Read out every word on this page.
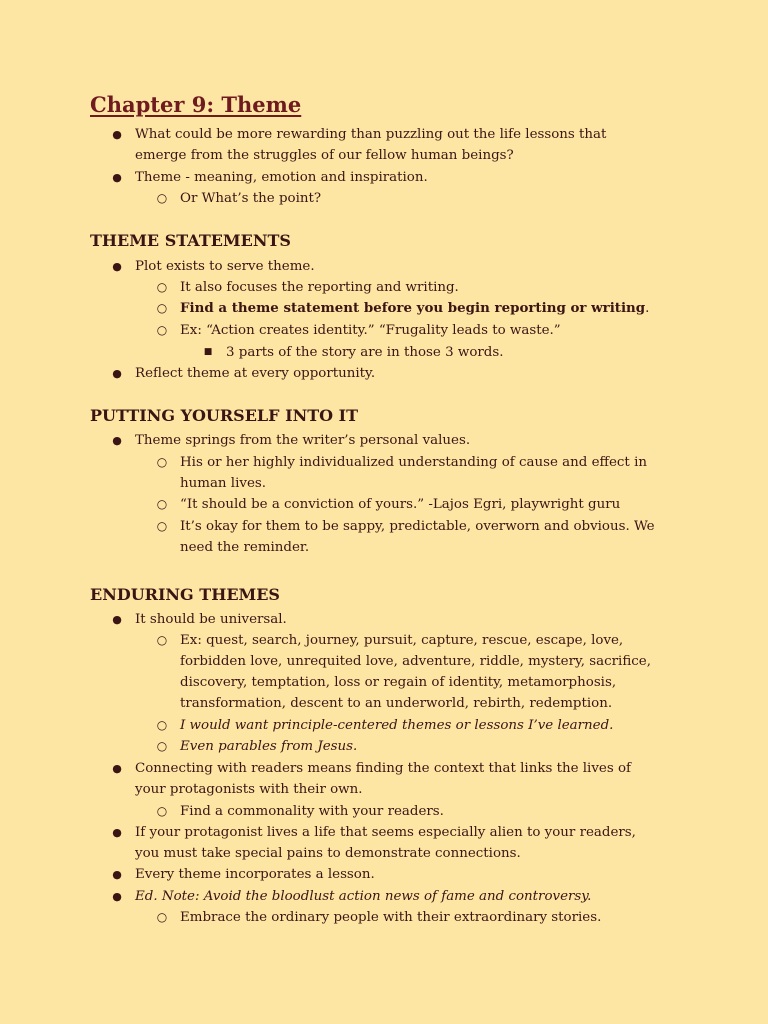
Chapter 9: Theme
● What could be more rewarding than puzzling out the life lessons that emerge from the struggles of our fellow human beings?
● Theme - meaning, emotion and inspiration.
○ Or What’s the point?
THEME STATEMENTS
● Plot exists to serve theme.
○ It also focuses the reporting and writing.
○ Find a theme statement before you begin reporting or writing.
○ Ex: “Action creates identity.” “Frugality leads to waste.”
■ 3 parts of the story are in those 3 words.
● Reflect theme at every opportunity.
PUTTING YOURSELF INTO IT
● Theme springs from the writer’s personal values.
○ His or her highly individualized understanding of cause and effect in human lives.
○ “It should be a conviction of yours.” -Lajos Egri, playwright guru
○ It’s okay for them to be sappy, predictable, overworn and obvious. We need the reminder.
ENDURING THEMES
● It should be universal.
○ Ex: quest, search, journey, pursuit, capture, rescue, escape, love, forbidden love, unrequited love, adventure, riddle, mystery, sacrifice, discovery, temptation, loss or regain of identity, metamorphosis, transformation, descent to an underworld, rebirth, redemption.
○ I would want principle-centered themes or lessons I’ve learned.
○ Even parables from Jesus.
● Connecting with readers means finding the context that links the lives of your protagonists with their own.
○ Find a commonality with your readers.
● If your protagonist lives a life that seems especially alien to your readers, you must take special pains to demonstrate connections.
● Every theme incorporates a lesson.
● Ed. Note: Avoid the bloodlust action news of fame and controversy.
○ Embrace the ordinary people with their extraordinary stories.
